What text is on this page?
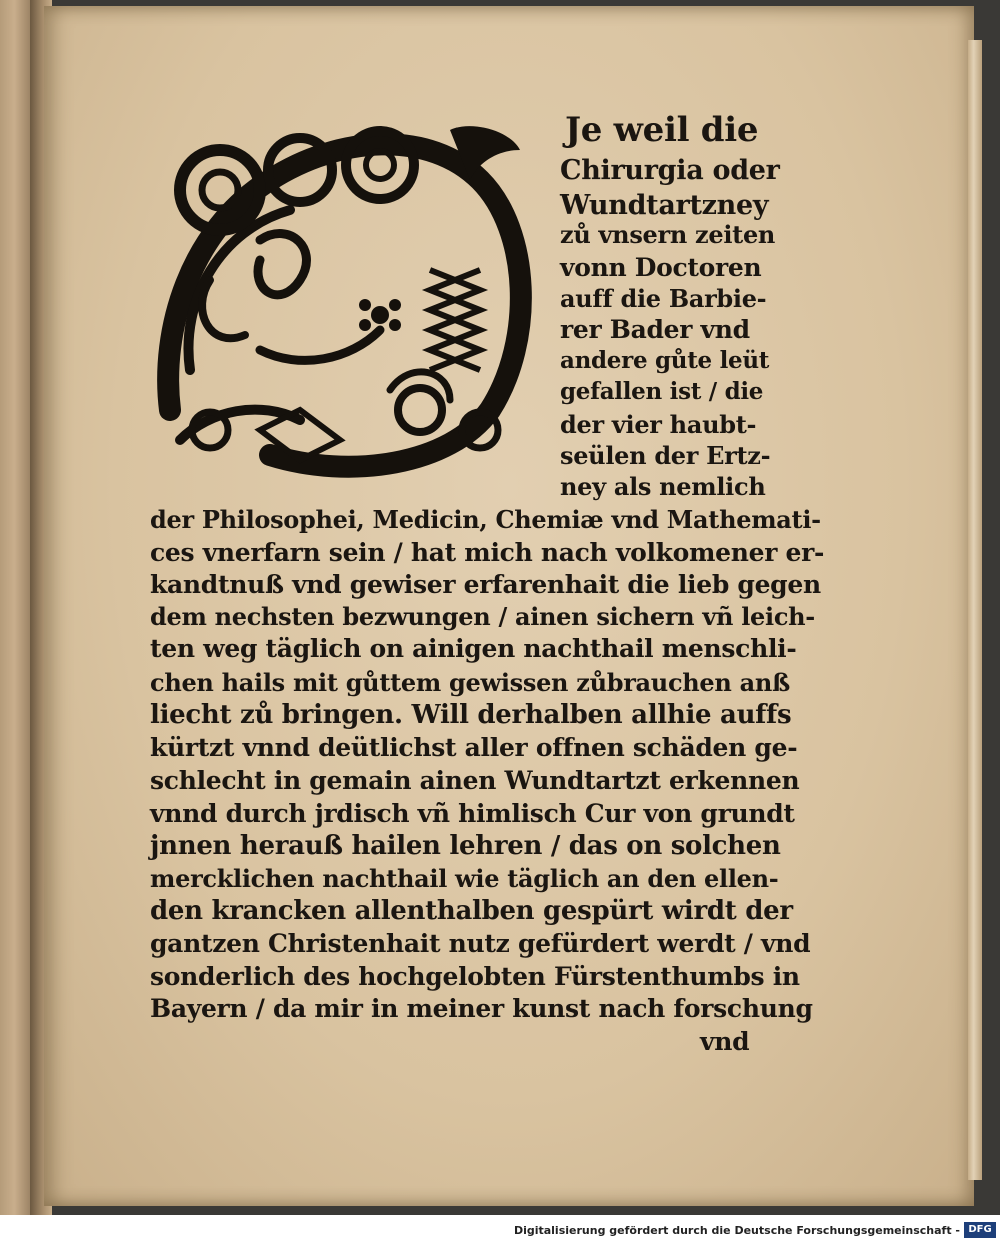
Je weil die
Chirurgia oder
Wundtartzney
zů vnsern zeiten
vonn Doctoren
auff die Barbie-
rer Bader vnd
andere gůte leüt
gefallen ist / die
der vier haubt-
seülen der Ertz-
ney als nemlich
der Philosophei, Medicin, Chemiæ vnd Mathemati-
ces vnerfarn sein / hat mich nach volkomener er-
kandtnuß vnd gewiser erfarenhait die lieb gegen
dem nechsten bezwungen / ainen sichern vñ leich-
ten weg täglich on ainigen nachthail menschli-
chen hails mit gůttem gewissen zůbrauchen anß
liecht zů bringen. Will derhalben allhie auffs
kürtzt vnnd deütlichst aller offnen schäden ge-
schlecht in gemain ainen Wundtartzt erkennen
vnnd durch jrdisch vñ himlisch Cur von grundt
jnnen herauß hailen lehren / das on solchen
mercklichen nachthail wie täglich an den ellen-
den krancken allenthalben gespürt wirdt der
gantzen Christenhait nutz gefürdert werdt / vnd
sonderlich des hochgelobten Fürstenthumbs in
Bayern / da mir in meiner kunst nach forschung
vnd
Digitalisierung gefördert durch die Deutsche Forschungsgemeinschaft - DFG
